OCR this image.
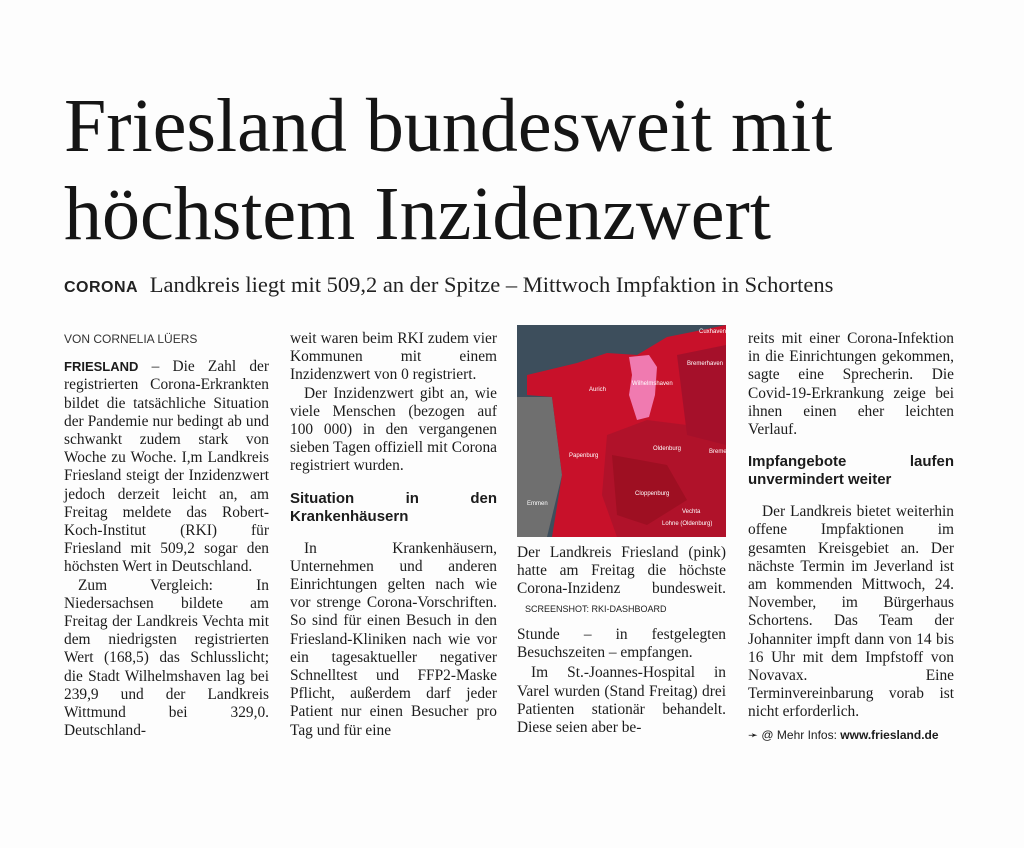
Friesland bundesweit mit
höchstem Inzidenzwert
CORONA Landkreis liegt mit 509,2 an der Spitze – Mittwoch Impfaktion in Schortens

VON CORNELIA LÜERS

FRIESLAND – Die Zahl der registrierten Corona-Erkrankten bildet die tatsächliche Situation der Pandemie nur bedingt ab und schwankt zudem stark von Woche zu Woche. I,m Landkreis Friesland steigt der Inzidenzwert jedoch derzeit leicht an, am Freitag meldete das Robert-Koch-Institut (RKI) für Friesland mit 509,2 sogar den höchsten Wert in Deutschland.

Zum Vergleich: In Niedersachsen bildete am Freitag der Landkreis Vechta mit dem niedrigsten registrierten Wert (168,5) das Schlusslicht; die Stadt Wilhelmshaven lag bei 239,9 und der Landkreis Wittmund bei 329,0. Deutschland-

weit waren beim RKI zudem vier Kommunen mit einem Inzidenzwert von 0 registriert.

Der Inzidenzwert gibt an, wie viele Menschen (bezogen auf 100 000) in den vergangenen sieben Tagen offiziell mit Corona registriert wurden.

Situation in den Krankenhäusern

In Krankenhäusern, Unternehmen und anderen Einrichtungen gelten nach wie vor strenge Corona-Vorschriften. So sind für einen Besuch in den Friesland-Kliniken nach wie vor ein tagesaktueller negativer Schnelltest und FFP2-Maske Pflicht, außerdem darf jeder Patient nur einen Besucher pro Tag und für eine

Cuxhaven
Bremerhaven
Wilhelmshaven
Aurich
Oldenburg
Papenburg
Bremen
Cloppenburg
Vechta
Emmen
Lohne (Oldenburg)
Der Landkreis Friesland (pink) hatte am Freitag die höchste Corona-Inzidenz bundesweit. SCREENSHOT: RKI-DASHBOARD

Stunde – in festgelegten Besuchszeiten – empfangen.

Im St.-Joannes-Hospital in Varel wurden (Stand Freitag) drei Patienten stationär behandelt. Diese seien aber be-

reits mit einer Corona-Infektion in die Einrichtungen gekommen, sagte eine Sprecherin. Die Covid-19-Erkrankung zeige bei ihnen einen eher leichten Verlauf.

Impfangebote laufen unvermindert weiter

Der Landkreis bietet weiterhin offene Impfaktionen im gesamten Kreisgebiet an. Der nächste Termin im Jeverland ist am kommenden Mittwoch, 24. November, im Bürgerhaus Schortens. Das Team der Johanniter impft dann von 14 bis 16 Uhr mit dem Impfstoff von Novavax. Eine Terminvereinbarung vorab ist nicht erforderlich.

➛ @ Mehr Infos: www.friesland.de
